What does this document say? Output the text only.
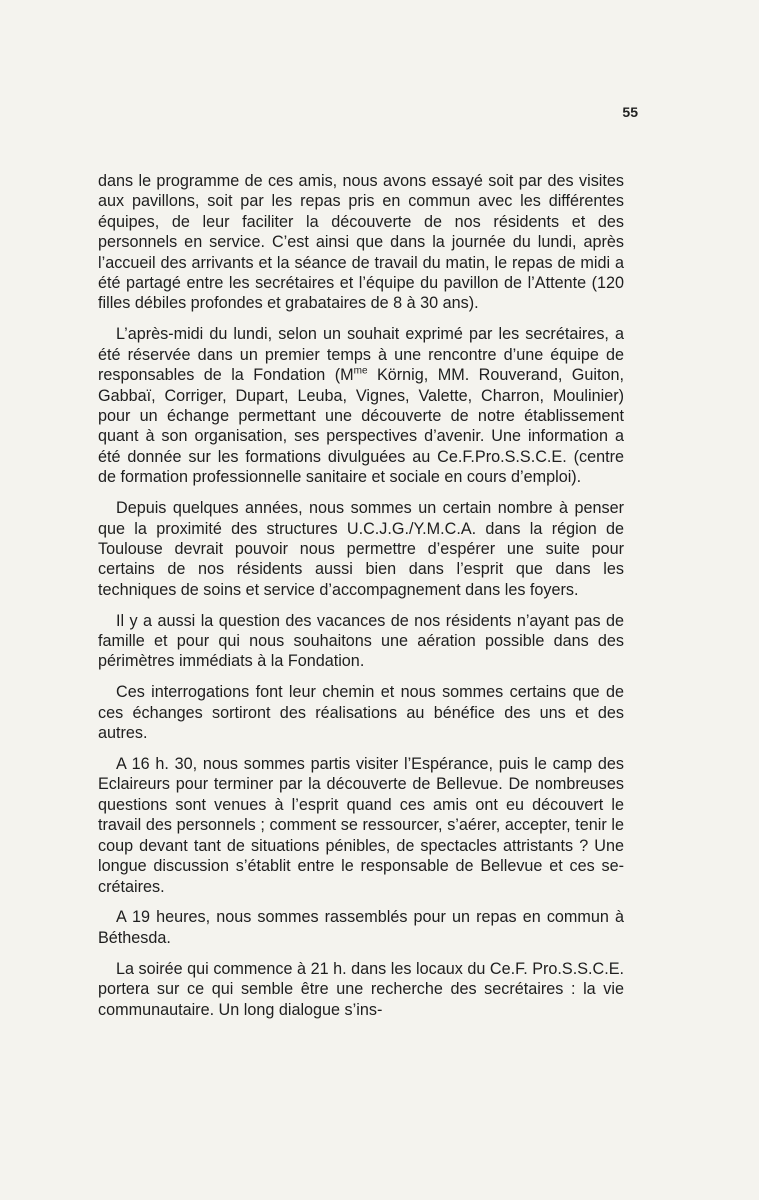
55

dans le programme de ces amis, nous avons essayé soit par des visites aux pavillons, soit par les repas pris en commun avec les différentes équipes, de leur faciliter la découverte de nos résidents et des personnels en service. C’est ainsi que dans la journée du lundi, après l’accueil des arrivants et la séance de travail du matin, le repas de midi a été partagé entre les secrétaires et l’équipe du pavillon de l’Attente (120 filles débiles profondes et grabataires de 8 à 30 ans).

L’après-midi du lundi, selon un souhait exprimé par les secrétaires, a été réservée dans un premier temps à une rencontre d’une équipe de responsables de la Fondation ($M^{me}$ Körnig, MM. Rouverand, Guiton, Gabbaï, Corriger, Dupart, Leuba, Vignes, Valette, Charron, Moulinier) pour un échange permettant une découverte de notre établissement quant à son organisation, ses perspectives d’avenir. Une information a été donnée sur les formations divulguées au Ce.F.Pro.S.S.C.E. (centre de formation professionnelle sanitaire et sociale en cours d’emploi).

Depuis quelques années, nous sommes un certain nombre à penser que la proximité des structures U.C.J.G./Y.M.C.A. dans la région de Toulouse devrait pouvoir nous permettre d’espérer une suite pour certains de nos résidents aussi bien dans l’esprit que dans les techniques de soins et service d’accompagnement dans les foyers.

Il y a aussi la question des vacances de nos résidents n’ayant pas de famille et pour qui nous souhaitons une aération possible dans des périmètres immédiats à la Fondation.

Ces interrogations font leur chemin et nous sommes certains que de ces échanges sortiront des réalisations au bénéfice des uns et des autres.

A 16 h. 30, nous sommes partis visiter l’Espérance, puis le camp des Eclaireurs pour terminer par la découverte de Bellevue. De nombreuses questions sont venues à l’esprit quand ces amis ont eu découvert le travail des personnels ; comment se ressourcer, s’aérer, accepter, tenir le coup devant tant de situations pénibles, de spectacles attristants ? Une longue discussion s’établit entre le responsable de Bellevue et ces secrétaires.

A 19 heures, nous sommes rassemblés pour un repas en commun à Béthesda.

La soirée qui commence à 21 h. dans les locaux du Ce.F. Pro.S.S.C.E. portera sur ce qui semble être une recherche des secrétaires : la vie communautaire. Un long dialogue s’ins-
